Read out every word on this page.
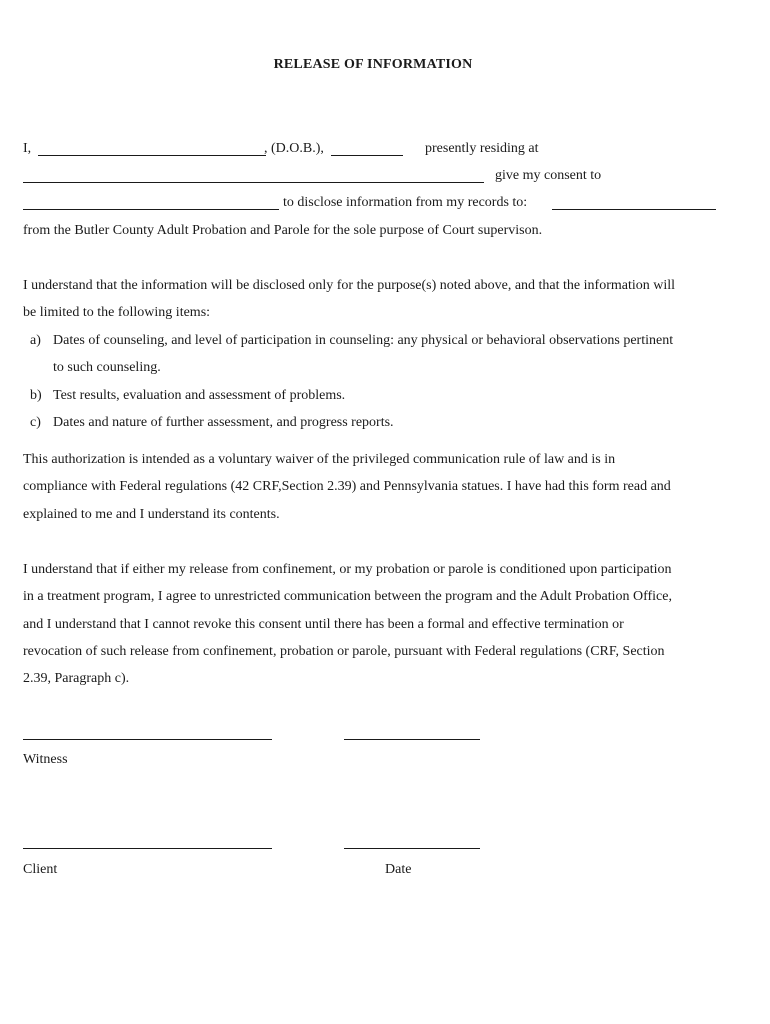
RELEASE OF INFORMATION
I,	, (D.O.B.),	presently residing at
give my consent to
to disclose information from my records to:
from the Butler County Adult Probation and Parole for the sole purpose of Court supervison.
I understand that the information will be disclosed only for the purpose(s) noted above, and that the information will
be limited to the following items:
a) Dates of counseling, and level of participation in counseling: any physical or behavioral observations pertinent
to such counseling.
b) Test results, evaluation and assessment of problems.
c) Dates and nature of further assessment, and progress reports.
This authorization is intended as a voluntary waiver of the privileged communication rule of law and is in
compliance with Federal regulations (42 CRF,Section 2.39) and Pennsylvania statues. I have had this form read and
explained to me and I understand its contents.
I understand that if either my release from confinement, or my probation or parole is conditioned upon participation
in a treatment program, I agree to unrestricted communication between the program and the Adult Probation Office,
and I understand that I cannot revoke this consent until there has been a formal and effective termination or
revocation of such release from confinement, probation or parole, pursuant with Federal regulations (CRF, Section
2.39, Paragraph c).
Witness
Client	Date
